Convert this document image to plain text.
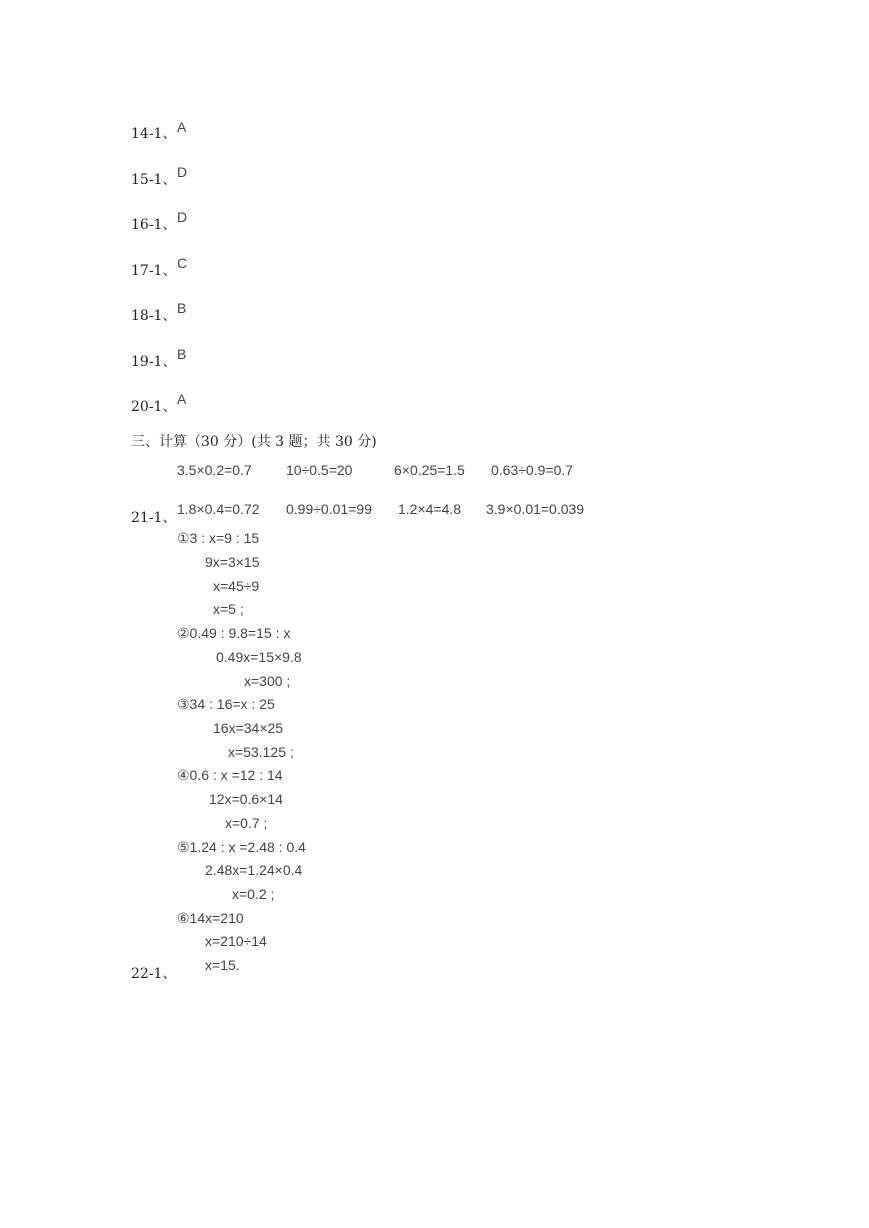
14-1、 A
15-1、 D
16-1、 D
17-1、 C
18-1、 B
19-1、 B
20-1、 A
三、计算（30 分）(共 3 题；共 30 分)
3.5×0.2=0.7 10÷0.5=20	6×0.25=1.5 0.63÷0.9=0.7
21-1、
1.8×0.4=0.72 0.99÷0.01=99 1.2×4=4.8 3.9×0.01=0.039
①3 : x=9 : 15
9x=3×15
x=45÷9
x=5 ;
②0.49 : 9.8=15 : x
0.49x=15×9.8
x=300 ;
③34 : 16=x : 25
16x=34×25
x=53.125 ;
④0.6 : x =12 : 14
12x=0.6×14
x=0.7 ;
⑤1.24 : x =2.48 : 0.4
2.48x=1.24×0.4
x=0.2 ;
⑥14x=210
x=210÷14
22-1、
x=15.
